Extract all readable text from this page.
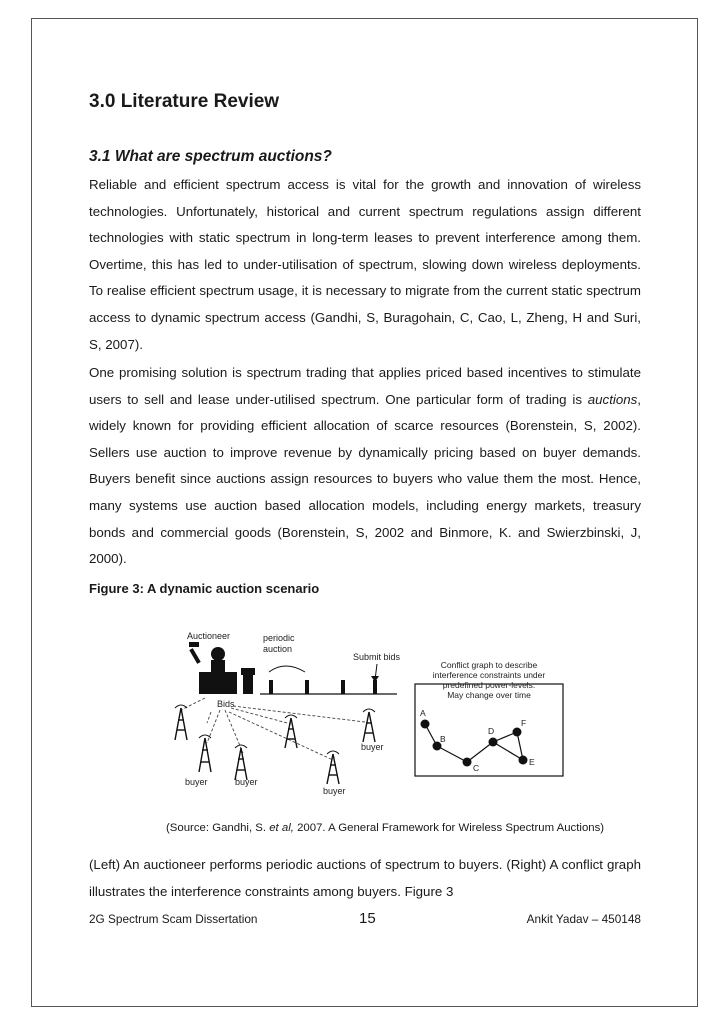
3.0 Literature Review
3.1 What are spectrum auctions?

Reliable and efficient spectrum access is vital for the growth and innovation of wireless technologies. Unfortunately, historical and current spectrum regulations assign different technologies with static spectrum in long-term leases to prevent interference among them. Overtime, this has led to under-utilisation of spectrum, slowing down wireless deployments. To realise efficient spectrum usage, it is necessary to migrate from the current static spectrum access to dynamic spectrum access (Gandhi, S, Buragohain, C, Cao, L, Zheng, H and Suri, S, 2007).

One promising solution is spectrum trading that applies priced based incentives to stimulate users to sell and lease under-utilised spectrum. One particular form of trading is auctions, widely known for providing efficient allocation of scarce resources (Borenstein, S, 2002). Sellers use auction to improve revenue by dynamically pricing based on buyer demands. Buyers benefit since auctions assign resources to buyers who value them the most. Hence, many systems use auction based allocation models, including energy markets, treasury bonds and commercial goods (Borenstein, S, 2002 and Binmore, K. and Swierzbinski, J, 2000).

Figure 3: A dynamic auction scenario

Auctioneer	periodic
auction
Submit bids
Bids
buyer	buyer
buyer
buyer
Conflict graph to describe
interference constraints under
predefined power-levels.
May change over time
A
B
C
D
E
F
(Source: Gandhi, S. et al, 2007. A General Framework for Wireless Spectrum Auctions)

(Left) An auctioneer performs periodic auctions of spectrum to buyers. (Right) A conflict graph illustrates the interference constraints among buyers. Figure 3

2G Spectrum Scam Dissertation	15	Ankit Yadav – 450148
